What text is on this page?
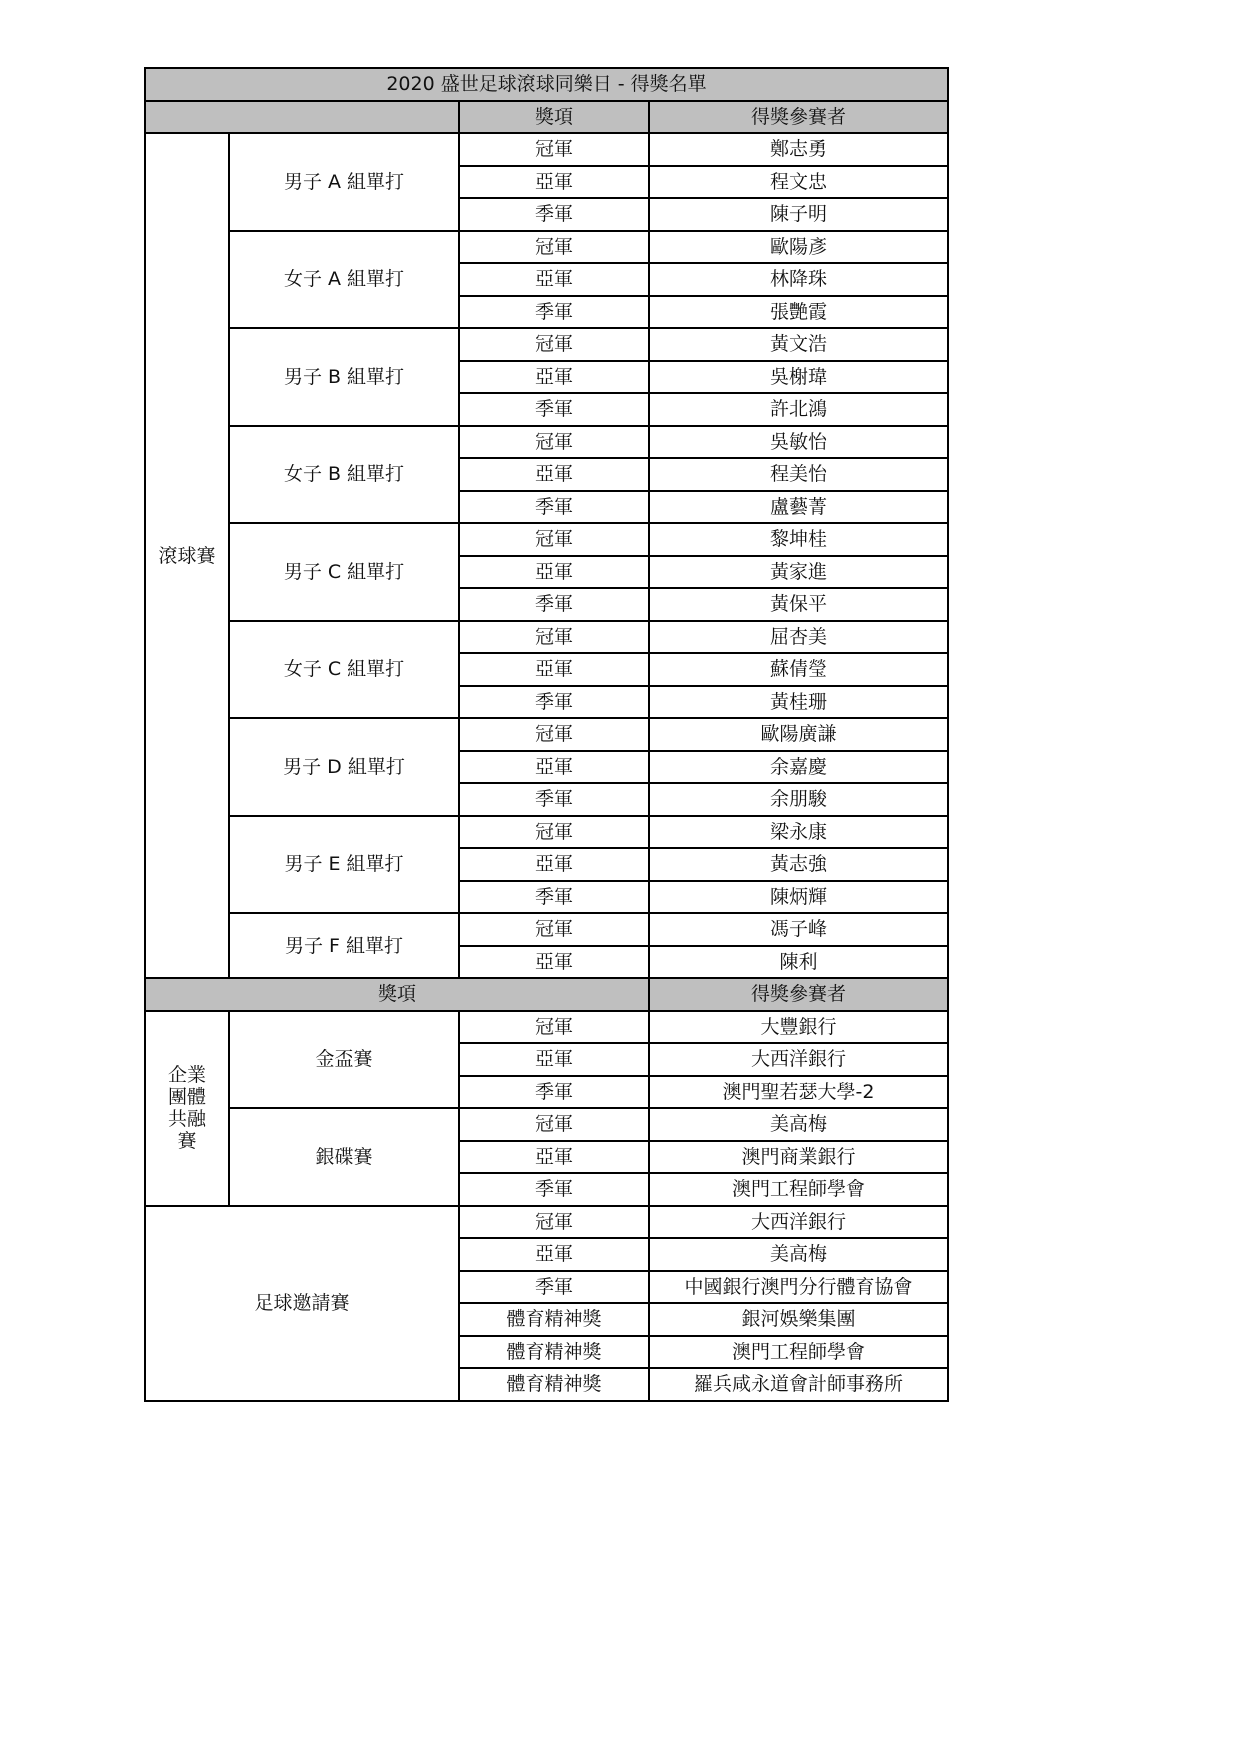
2020 盛世足球滾球同樂日 - 得獎名單			
		獎項	得獎參賽者
滾球賽	男子 A 組單打	冠軍	鄭志勇
		亞軍	程文忠
		季軍	陳子明
	女子 A 組單打	冠軍	歐陽彥
		亞軍	林降珠
		季軍	張艷霞
	男子 B 組單打	冠軍	黃文浩
		亞軍	吳榭瑋
		季軍	許北鴻
	女子 B 組單打	冠軍	吳敏怡
		亞軍	程美怡
		季軍	盧藝菁
	男子 C 組單打	冠軍	黎坤桂
		亞軍	黃家進
		季軍	黃保平
	女子 C 組單打	冠軍	屈杏美
		亞軍	蘇倩瑩
		季軍	黃桂珊
	男子 D 組單打	冠軍	歐陽廣謙
		亞軍	余嘉慶
		季軍	余朋駿
	男子 E 組單打	冠軍	梁永康
		亞軍	黃志強
		季軍	陳炳輝
	男子 F 組單打	冠軍	馮子峰
		亞軍	陳利
獎項			得獎參賽者

企業
團體
共融
賽	金盃賽	冠軍	大豐銀行
		亞軍	大西洋銀行
		季軍	澳門聖若瑟大學-2
	銀碟賽	冠軍	美高梅
		亞軍	澳門商業銀行
		季軍	澳門工程師學會
足球邀請賽		冠軍	大西洋銀行
		亞軍	美高梅
		季軍	中國銀行澳門分行體育協會
		體育精神獎	銀河娛樂集團
		體育精神獎	澳門工程師學會
		體育精神獎	羅兵咸永道會計師事務所
